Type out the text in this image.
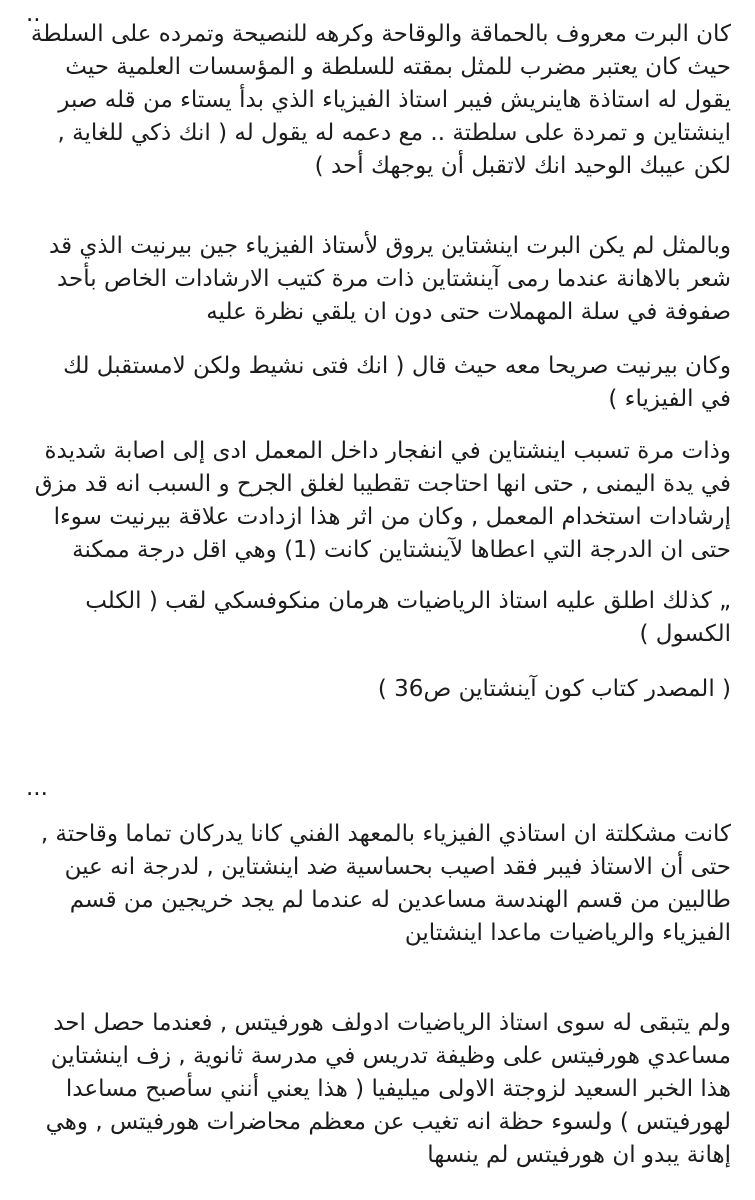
..
كان البرت معروف بالحماقة والوقاحة وكرهه للنصيحة وتمرده على السلطة
حيث كان يعتبر مضرب للمثل بمقته للسلطة و المؤسسات العلمية حيث
يقول له استاذة هاينريش فيبر استاذ الفيزياء الذي بدأ يستاء من قله صبر
اينشتاين و تمردة على سلطتة .. مع دعمه له يقول له ( انك ذكي للغاية ,
لكن عيبك الوحيد انك لاتقبل أن يوجهك أحد )
وبالمثل لم يكن البرت اينشتاين يروق لأستاذ الفيزياء جين بيرنيت الذي قد
شعر بالاهانة عندما رمى آينشتاين ذات مرة كتيب الارشادات الخاص بأحد
صفوفة في سلة المهملات حتى دون ان يلقي نظرة عليه
وكان بيرنيت صريحا معه حيث قال ( انك فتى نشيط ولكن لامستقبل لك
في الفيزياء )
وذات مرة تسبب اينشتاين في انفجار داخل المعمل ادى إلى اصابة شديدة
في يدة اليمنى , حتى انها احتاجت تقطيبا لغلق الجرح و السبب انه قد مزق
إرشادات استخدام المعمل , وكان من اثر هذا ازدادت علاقة بيرنيت سوءا
حتى ان الدرجة التي اعطاها لآينشتاين كانت (1) وهي اقل درجة ممكنة
„ كذلك اطلق عليه استاذ الرياضيات هرمان منكوفسكي لقب ( الكلب
الكسول )
( المصدر كتاب كون آينشتاين ص36 )
...
كانت مشكلتة ان استاذي الفيزياء بالمعهد الفني كانا يدركان تماما وقاحتة ,
حتى أن الاستاذ فيبر فقد اصيب بحساسية ضد اينشتاين , لدرجة انه عين
طالبين من قسم الهندسة مساعدين له عندما لم يجد خريجين من قسم
الفيزياء والرياضيات ماعدا اينشتاين
ولم يتبقى له سوى استاذ الرياضيات ادولف هورفيتس , فعندما حصل احد
مساعدي هورفيتس على وظيفة تدريس في مدرسة ثانوية , زف اينشتاين
هذا الخبر السعيد لزوجتة الاولى ميليفيا ( هذا يعني أنني سأصبح مساعدا
لهورفيتس ) ولسوء حظة انه تغيب عن معظم محاضرات هورفيتس , وهي
إهانة يبدو ان هورفيتس لم ينسها
